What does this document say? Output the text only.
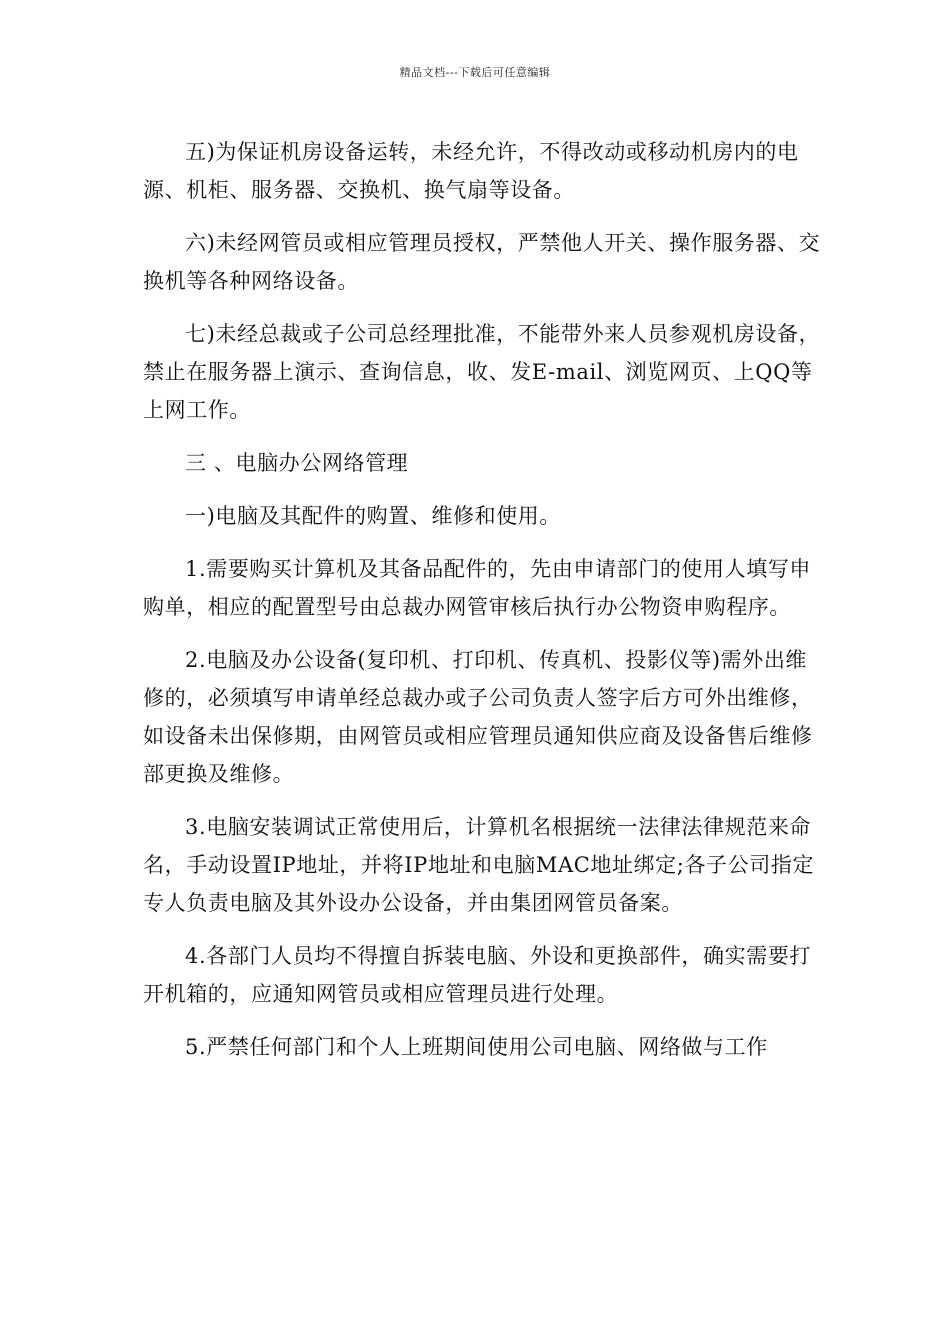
精品文档---下载后可任意编辑

五)为保证机房设备运转，未经允许，不得改动或移动机房内的电源、机柜、服务器、交换机、换气扇等设备。

六)未经网管员或相应管理员授权，严禁他人开关、操作服务器、交换机等各种网络设备。

七)未经总裁或子公司总经理批准，不能带外来人员参观机房设备，禁止在服务器上演示、查询信息，收、发E-mail、浏览网页、上QQ等上网工作。

三 、电脑办公网络管理

一)电脑及其配件的购置、维修和使用。

1.需要购买计算机及其备品配件的，先由申请部门的使用人填写申购单，相应的配置型号由总裁办网管审核后执行办公物资申购程序。

2.电脑及办公设备(复印机、打印机、传真机、投影仪等)需外出维修的，必须填写申请单经总裁办或子公司负责人签字后方可外出维修，如设备未出保修期，由网管员或相应管理员通知供应商及设备售后维修部更换及维修。

3.电脑安装调试正常使用后，计算机名根据统一法律法律规范来命名，手动设置IP地址，并将IP地址和电脑MAC地址绑定;各子公司指定专人负责电脑及其外设办公设备，并由集团网管员备案。

4.各部门人员均不得擅自拆装电脑、外设和更换部件，确实需要打开机箱的，应通知网管员或相应管理员进行处理。

5.严禁任何部门和个人上班期间使用公司电脑、网络做与工作
